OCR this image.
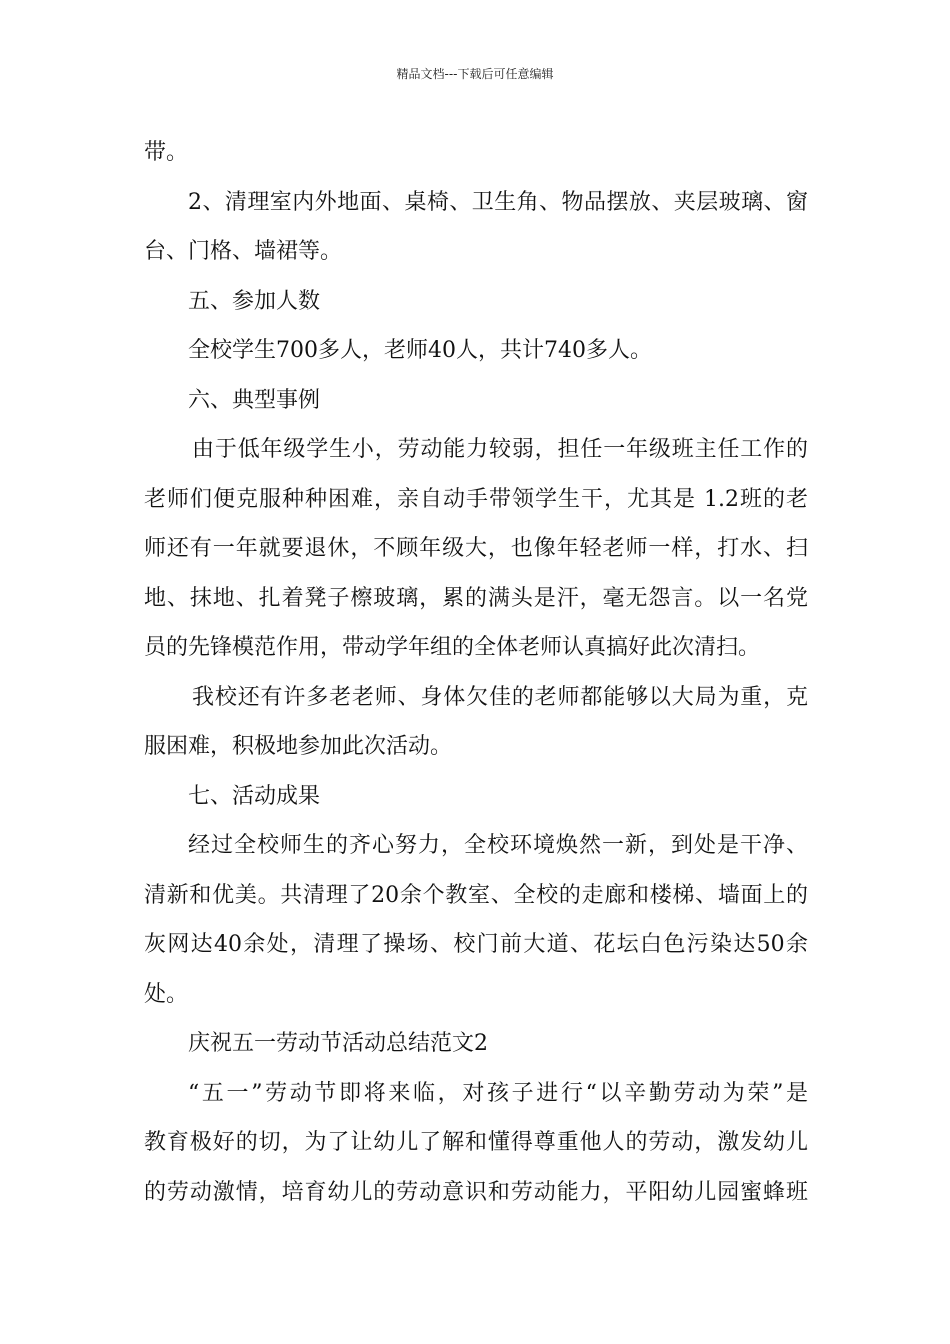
精品文档---下载后可任意编辑
带。
2、清理室内外地面、桌椅、卫生角、物品摆放、夹层玻璃、窗
台、门格、墙裙等。
五、参加人数
全校学生700多人，老师40人，共计740多人。
六、典型事例
由于低年级学生小，劳动能力较弱，担任一年级班主任工作的
老师们便克服种种困难，亲自动手带领学生干，尤其是 1.2班的老
师还有一年就要退休，不顾年级大，也像年轻老师一样，打水、扫
地、抹地、扎着凳子檫玻璃，累的满头是汗，毫无怨言。以一名党
员的先锋模范作用，带动学年组的全体老师认真搞好此次清扫。
我校还有许多老老师、身体欠佳的老师都能够以大局为重，克
服困难，积极地参加此次活动。
七、活动成果
经过全校师生的齐心努力，全校环境焕然一新，到处是干净、
清新和优美。共清理了20余个教室、全校的走廊和楼梯、墙面上的
灰网达40余处，清理了操场、校门前大道、花坛白色污染达50余
处。
庆祝五一劳动节活动总结范文2
“五一”劳动节即将来临，对孩子进行“以辛勤劳动为荣”是
教育极好的切，为了让幼儿了解和懂得尊重他人的劳动，激发幼儿
的劳动激情，培育幼儿的劳动意识和劳动能力，平阳幼儿园蜜蜂班
